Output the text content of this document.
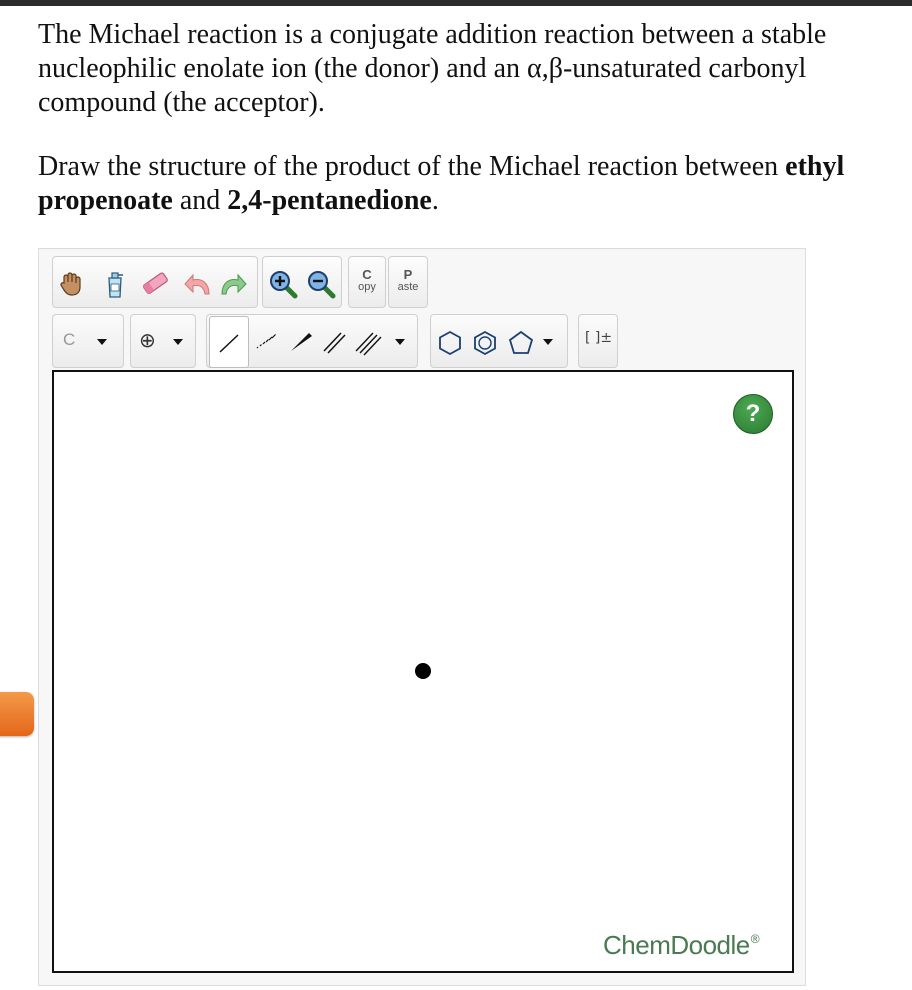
The Michael reaction is a conjugate addition reaction between a stable nucleophilic enolate ion (the donor) and an α,β-unsaturated carbonyl compound (the acceptor).

Draw the structure of the product of the Michael reaction between ethyl propenoate and 2,4-pentanedione.

C
opy
P
aste
C	⊕	[ ]±
?
ChemDoodle®
